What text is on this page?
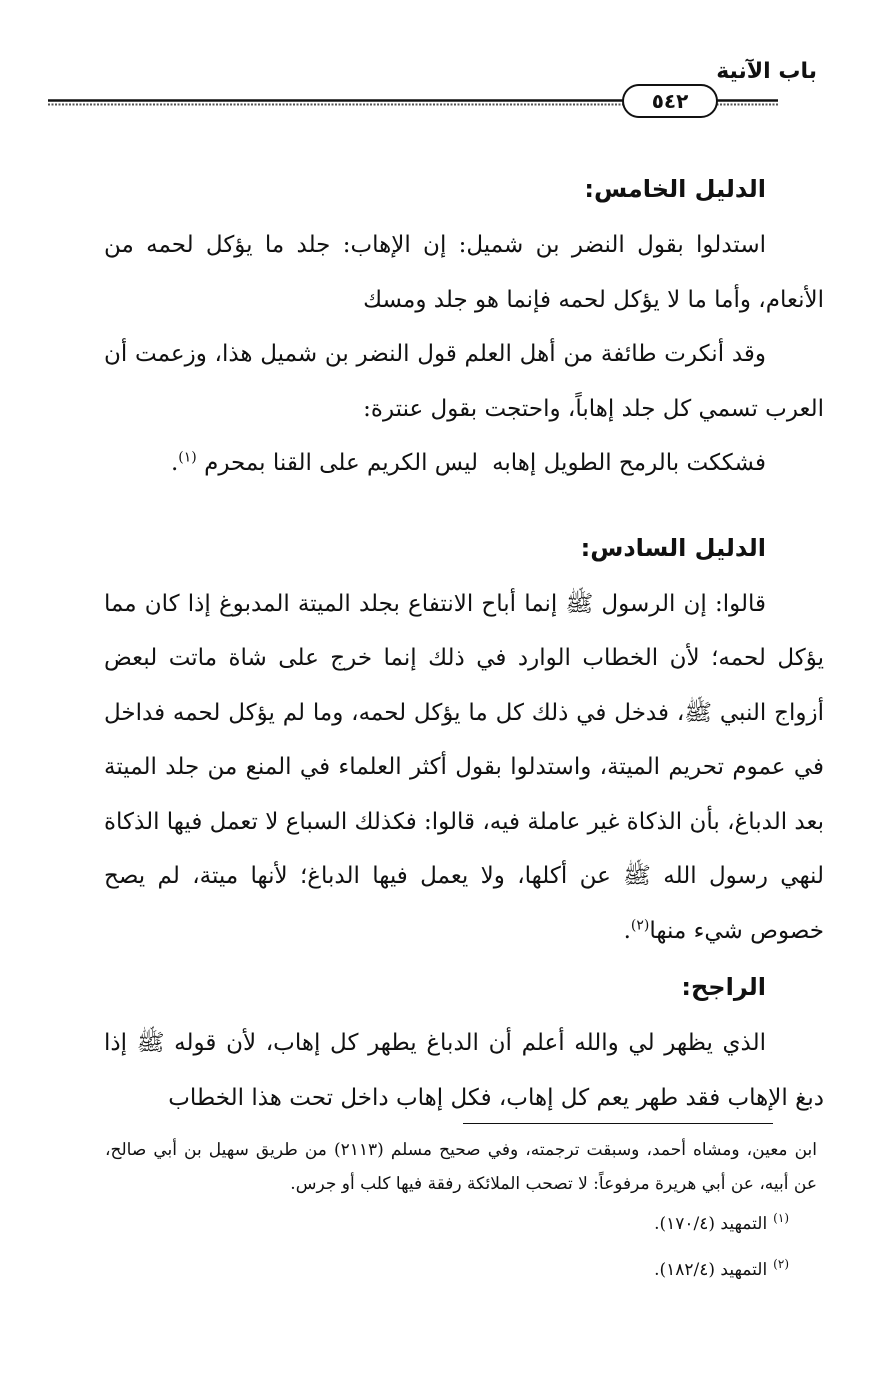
باب الآنية
٥٤٢

الدليل الخامس:

استدلوا بقول النضر بن شميل: إن الإهاب: جلد ما يؤكل لحمه من الأنعام، وأما ما لا يؤكل لحمه فإنما هو جلد ومسك

وقد أنكرت طائفة من أهل العلم قول النضر بن شميل هذا، وزعمت أن العرب تسمي كل جلد إهاباً، واحتجت بقول عنترة:

فشككت بالرمح الطويل إهابهليس الكريم على القنا بمحرم $^{(١)}$.

الدليل السادس:

قالوا: إن الرسول ﷺ إنما أباح الانتفاع بجلد الميتة المدبوغ إذا كان مما يؤكل لحمه؛ لأن الخطاب الوارد في ذلك إنما خرج على شاة ماتت لبعض أزواج النبي ﷺ، فدخل في ذلك كل ما يؤكل لحمه، وما لم يؤكل لحمه فداخل في عموم تحريم الميتة، واستدلوا بقول أكثر العلماء في المنع من جلد الميتة بعد الدباغ، بأن الذكاة غير عاملة فيه، قالوا: فكذلك السباع لا تعمل فيها الذكاة لنهي رسول الله ﷺ عن أكلها، ولا يعمل فيها الدباغ؛ لأنها ميتة، لم يصح خصوص شيء منها$^{(٢)}$.

الراجح:

الذي يظهر لي والله أعلم أن الدباغ يطهر كل إهاب، لأن قوله ﷺ إذا دبغ الإهاب فقد طهر يعم كل إهاب، فكل إهاب داخل تحت هذا الخطاب

ابن معين، ومشاه أحمد، وسبقت ترجمته، وفي صحيح مسلم (٢١١٣) من طريق سهيل بن أبي صالح، عن أبيه، عن أبي هريرة مرفوعاً: لا تصحب الملائكة رفقة فيها كلب أو جرس.

$^{(١)}$التمهيد (١٧٠/٤).

$^{(٢)}$التمهيد (١٨٢/٤).
